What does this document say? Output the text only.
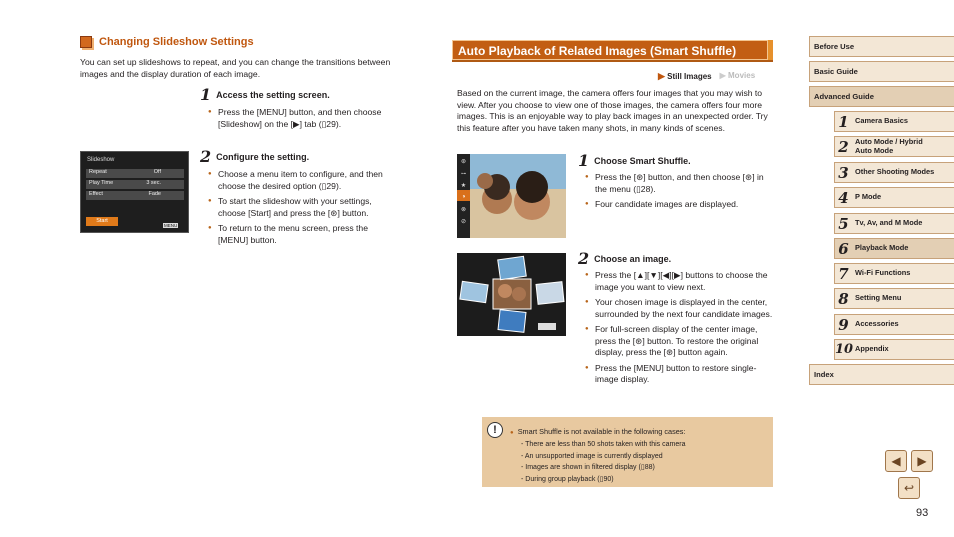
Changing Slideshow Settings

You can set up slideshows to repeat, and you can change the transitions between images and the display duration of each image.

1 Access the setting screen.
● Press the [MENU] button, and then choose [Slideshow] on the [▶] tab (▯29).
2 Configure the setting.
● Choose a menu item to configure, and then choose the desired option (▯29).
● To start the slideshow with your settings, choose [Start] and press the [⊛] button.
● To return to the menu screen, press the [MENU] button.
Slideshow
Repeat	Off
Play Time	3 sec.
Effect	Fade
Start
MENU
Auto Playback of Related Images (Smart Shuffle)
▶ Still Images ▶ Movies

Based on the current image, the camera offers four images that you may wish to view. After you choose to view one of those images, the camera offers four more images. This is an enjoyable way to play back images in an unexpected order. Try this feature after you have taken many shots, in many kinds of scenes.

⊛
⊶
★
◑
⊗
⊘
1 Choose Smart Shuffle.
● Press the [⊛] button, and then choose [⊛] in the menu (▯28).
● Four candidate images are displayed.
2 Choose an image.
● Press the [▲][▼][◀][▶] buttons to choose the image you want to view next.
● Your chosen image is displayed in the center, surrounded by the next four candidate images.
● For full-screen display of the center image, press the [⊛] button. To restore the original display, press the [⊛] button again.
● Press the [MENU] button to restore single-image display.
!	● Smart Shuffle is not available in the following cases:
- There are less than 50 shots taken with this camera
- An unsupported image is currently displayed
- Images are shown in filtered display (▯88)
- During group playback (▯90)
Before Use
Basic Guide
Advanced Guide
1 Camera Basics
2 Auto Mode / Hybrid Auto Mode
3 Other Shooting Modes
4 P Mode
5 Tv, Av, and M Mode
6 Playback Mode
7 Wi-Fi Functions
8 Setting Menu
9 Accessories
10 Appendix
Index
◀ ▶
↩
93
